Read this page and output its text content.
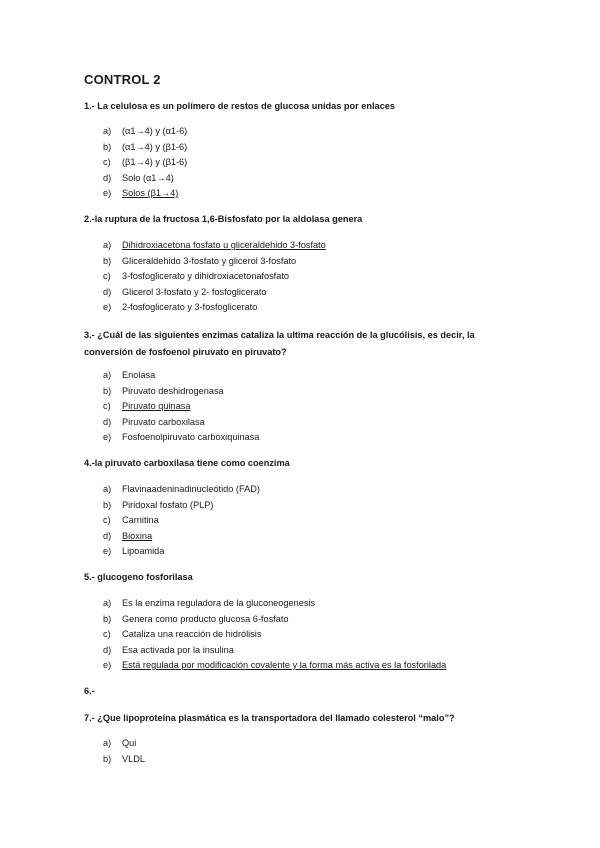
CONTROL 2
1.- La celulosa es un polímero de restos de glucosa unidas por enlaces
a)	(α1→4) y (α1-6)
b)	(α1→4) y (β1-6)
c)	(β1→4) y (β1-6)
d)	Solo (α1→4)
e)	Solos (β1→4)
2.-la ruptura de la fructosa 1,6-Bisfosfato por la aldolasa genera
a)	Dihidroxiacetona fosfato u gliceraldehido 3-fosfato
b)	Gliceraldehido 3-fosfato y glicerol 3-fosfato
c)	3-fosfoglicerato y dihidroxiacetonafosfato
d)	Glicerol 3-fosfato y 2- fosfoglicerato
e)	2-fosfoglicerato y 3-fosfoglicerato
3.- ¿Cuál de las siguientes enzimas cataliza la ultima reacción de la glucólisis, es decir, la conversión de fosfoenol piruvato en piruvato?
a)	Enolasa
b)	Piruvato deshidrogenasa
c)	Piruvato quinasa
d)	Piruvato carboxilasa
e)	Fosfoenolpiruvato carboxiquinasa
4.-la piruvato carboxilasa tiene como coenzima
a)	Flavinaadeninadinucleótido (FAD)
b)	Piridoxal fosfato (PLP)
c)	Carnitina
d)	Bioxina
e)	Lipoamida
5.- glucogeno fosforilasa
a)	Es la enzima reguladora de la gluconeogenesis
b)	Genera como producto glucosa 6-fosfato
c)	Cataliza una reacción de hidrólisis
d)	Esa activada por la insulina
e)	Está regulada por modificación covalente y la forma más activa es la fosforilada
6.-
7.- ¿Que lipoproteína plasmática es la transportadora del llamado colesterol “malo”?
a)	Qui
b)	VLDL
